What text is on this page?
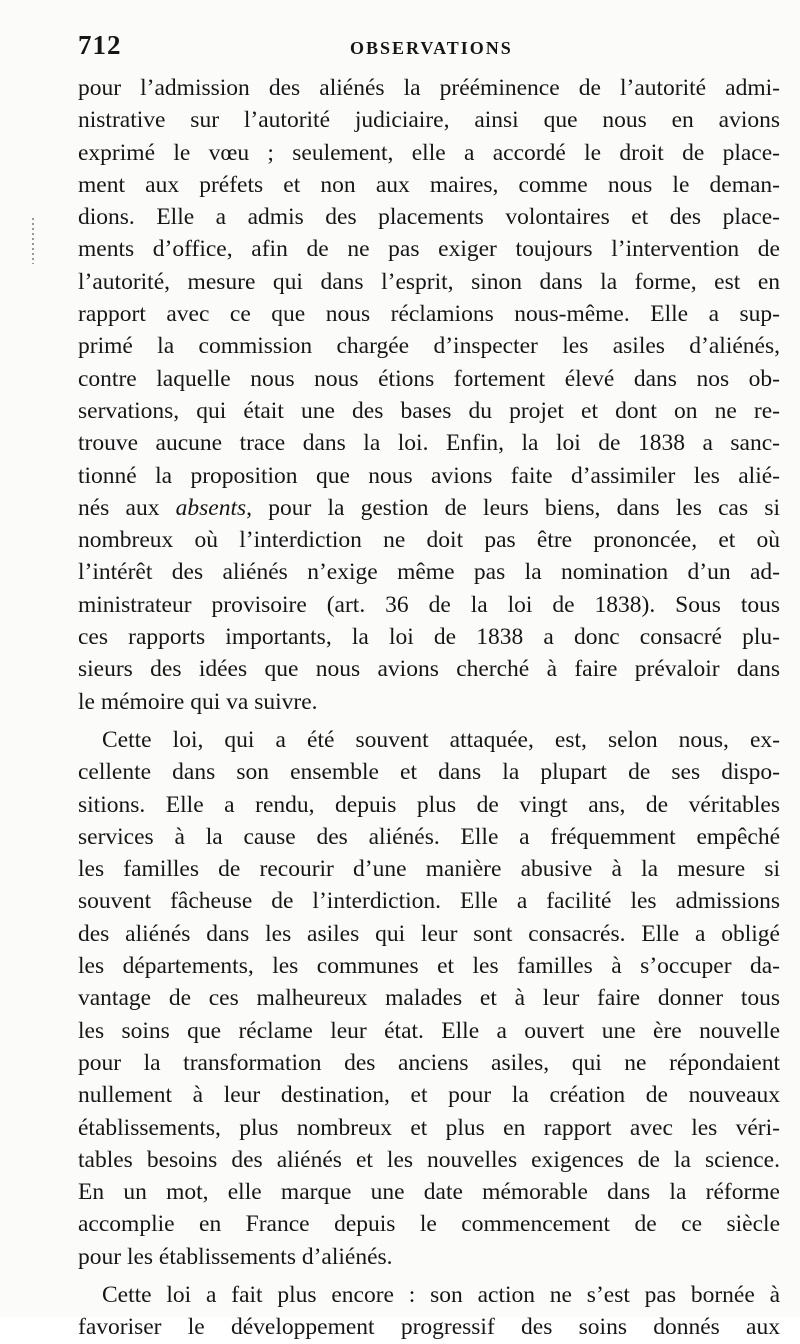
712	OBSERVATIONS
pour l’admission des aliénés la prééminence de l’autorité admi-
nistrative sur l’autorité judiciaire, ainsi que nous en avions
exprimé le vœu ; seulement, elle a accordé le droit de place-
ment aux préfets et non aux maires, comme nous le deman-
dions. Elle a admis des placements volontaires et des place-
ments d’office, afin de ne pas exiger toujours l’intervention de
l’autorité, mesure qui dans l’esprit, sinon dans la forme, est en
rapport avec ce que nous réclamions nous-même. Elle a sup-
primé la commission chargée d’inspecter les asiles d’aliénés,
contre laquelle nous nous étions fortement élevé dans nos ob-
servations, qui était une des bases du projet et dont on ne re-
trouve aucune trace dans la loi. Enfin, la loi de 1838 a sanc-
tionné la proposition que nous avions faite d’assimiler les alié-
nés aux absents, pour la gestion de leurs biens, dans les cas si
nombreux où l’interdiction ne doit pas être prononcée, et où
l’intérêt des aliénés n’exige même pas la nomination d’un ad-
ministrateur provisoire (art. 36 de la loi de 1838). Sous tous
ces rapports importants, la loi de 1838 a donc consacré plu-
sieurs des idées que nous avions cherché à faire prévaloir dans
le mémoire qui va suivre.
Cette loi, qui a été souvent attaquée, est, selon nous, ex-
cellente dans son ensemble et dans la plupart de ses dispo-
sitions. Elle a rendu, depuis plus de vingt ans, de véritables
services à la cause des aliénés. Elle a fréquemment empêché
les familles de recourir d’une manière abusive à la mesure si
souvent fâcheuse de l’interdiction. Elle a facilité les admissions
des aliénés dans les asiles qui leur sont consacrés. Elle a obligé
les départements, les communes et les familles à s’occuper da-
vantage de ces malheureux malades et à leur faire donner tous
les soins que réclame leur état. Elle a ouvert une ère nouvelle
pour la transformation des anciens asiles, qui ne répondaient
nullement à leur destination, et pour la création de nouveaux
établissements, plus nombreux et plus en rapport avec les véri-
tables besoins des aliénés et les nouvelles exigences de la science.
En un mot, elle marque une date mémorable dans la réforme
accomplie en France depuis le commencement de ce siècle
pour les établissements d’aliénés.
Cette loi a fait plus encore : son action ne s’est pas bornée à
favoriser le développement progressif des soins donnés aux
